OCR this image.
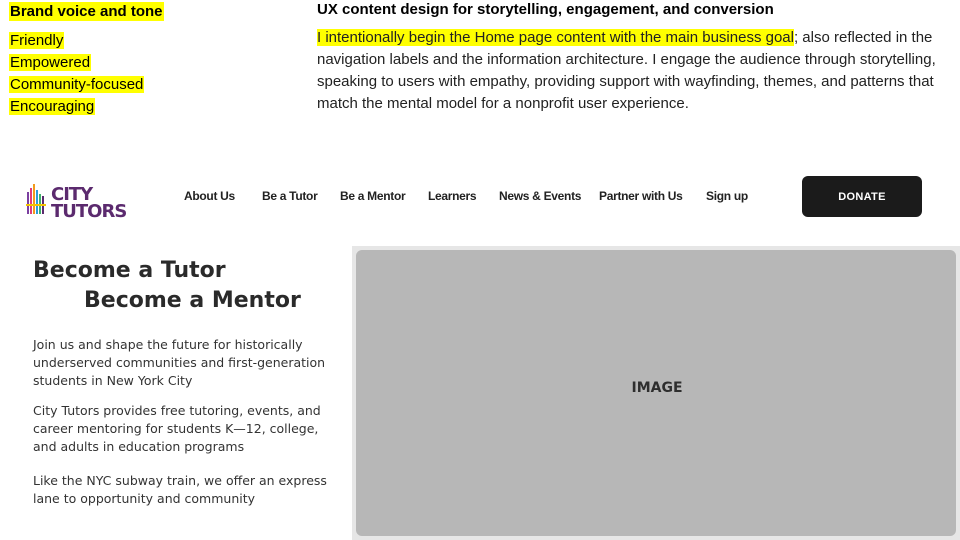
Brand voice and tone
Friendly
Empowered
Community-focused
Encouraging
UX content design for storytelling, engagement, and conversion

I intentionally begin the Home page content with the main business goal; also reflected in the navigation labels and the information architecture. I engage the audience through storytelling, speaking to users with empathy, providing support with wayfinding, themes, and patterns that match the mental model for a nonprofit user experience.

CITY
TUTORS
About Us Be a Tutor Be a Mentor Learners News & Events Partner with Us Sign up	DONATE
Become a Tutor
Become a Mentor

Join us and shape the future for historically underserved communities and first-generation students in New York City

City Tutors provides free tutoring, events, and career mentoring for students K—12, college, and adults in education programs

Like the NYC subway train, we offer an express lane to opportunity and community

IMAGE
